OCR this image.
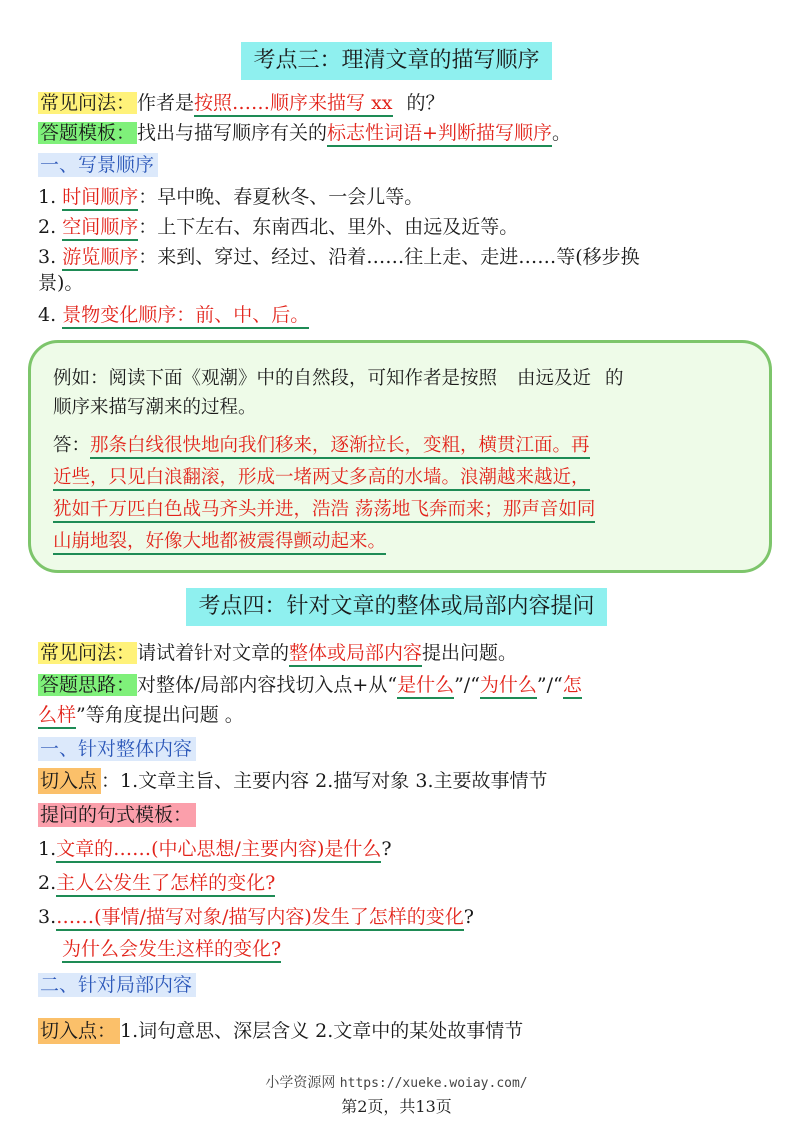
考点三：理清文章的描写顺序
常见问法： 作者是按照……顺序来描写 xx 的？
答题模板： 找出与描写顺序有关的标志性词语+判断描写顺序。
一、写景顺序
1. 时间顺序：早中晚、春夏秋冬、一会儿等。
2. 空间顺序：上下左右、东南西北、里外、由远及近等。
3. 游览顺序：来到、穿过、经过、沿着……往上走、走进……等(移步换
景)。
4. 景物变化顺序：前、中、后。
例如：阅读下面《观潮》中的自然段，可知作者是按照 由远及近 的
顺序来描写潮来的过程。
答：那条白线很快地向我们移来，逐渐拉长，变粗，横贯江面。再
近些，只见白浪翻滚，形成一堵两丈多高的水墙。浪潮越来越近，
犹如千万匹白色战马齐头并进，浩浩 荡荡地飞奔而来；那声音如同
山崩地裂，好像大地都被震得颤动起来。
考点四：针对文章的整体或局部内容提问
常见问法： 请试着针对文章的整体或局部内容提出问题。
答题思路： 对整体/局部内容找切入点+从“是什么”/“为什么”/“怎
么样”等角度提出问题 。
一、针对整体内容
切入点 ：1.文章主旨、主要内容 2.描写对象 3.主要故事情节
提问的句式模板：
1.文章的……(中心思想/主要内容)是什么?
2.主人公发生了怎样的变化?
3.……(事情/描写对象/描写内容)发生了怎样的变化?
为什么会发生这样的变化?
二、针对局部内容
切入点： 1.词句意思、深层含义 2.文章中的某处故事情节
小学资源网 https://xueke.woiay.com/
第2页，共13页
